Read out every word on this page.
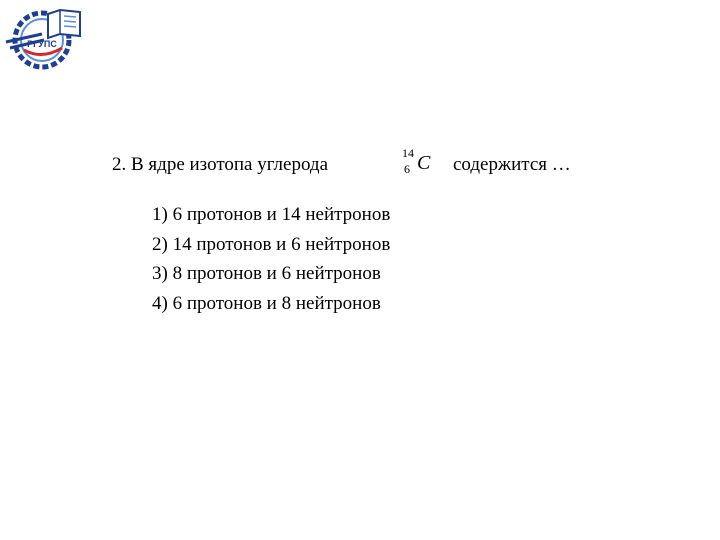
РГУПС
2. В ядре изотопа углерода
14
6 C содержится …
1) 6 протонов и 14 нейтронов
2) 14 протонов и 6 нейтронов
3) 8 протонов и 6 нейтронов
4) 6 протонов и 8 нейтронов
